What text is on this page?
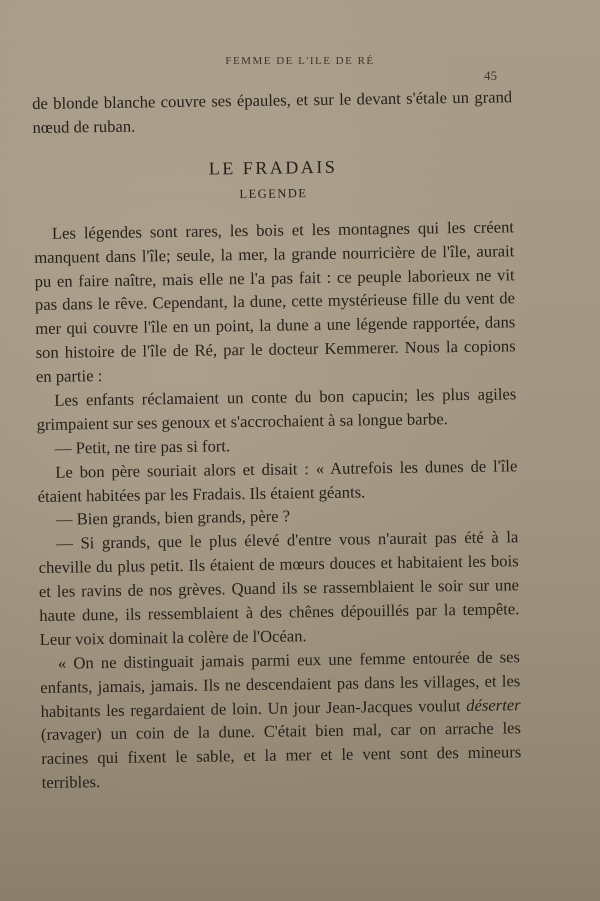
FEMME DE L'ILE DE RÉ
45
de blonde blanche couvre ses épaules, et sur le devant s'étale un grand
nœud de ruban.
LE FRADAIS
LEGENDE
Les légendes sont rares, les bois et les montagnes qui les créent
manquent dans l'île; seule, la mer, la grande nourricière de l'île, aurait
pu en faire naître, mais elle ne l'a pas fait : ce peuple laborieux ne vit
pas dans le rêve. Cependant, la dune, cette mystérieuse fille du vent de
mer qui couvre l'île en un point, la dune a une légende rapportée, dans
son histoire de l'île de Ré, par le docteur Kemmerer. Nous la copions
en partie :
Les enfants réclamaient un conte du bon capucin; les plus agiles
grimpaient sur ses genoux et s'accrochaient à sa longue barbe.
— Petit, ne tire pas si fort.
Le bon père souriait alors et disait : « Autrefois les dunes de l'île
étaient habitées par les Fradais. Ils étaient géants.
— Bien grands, bien grands, père ?
— Si grands, que le plus élevé d'entre vous n'aurait pas été à la
cheville du plus petit. Ils étaient de mœurs douces et habitaient les bois
et les ravins de nos grèves. Quand ils se rassemblaient le soir sur une
haute dune, ils ressemblaient à des chênes dépouillés par la tempête.
Leur voix dominait la colère de l'Océan.
« On ne distinguait jamais parmi eux une femme entourée de ses
enfants, jamais, jamais. Ils ne descendaient pas dans les villages, et les
habitants les regardaient de loin. Un jour Jean-Jacques voulut déserter
(ravager) un coin de la dune. C'était bien mal, car on arrache les
racines qui fixent le sable, et la mer et le vent sont des mineurs
terribles.
